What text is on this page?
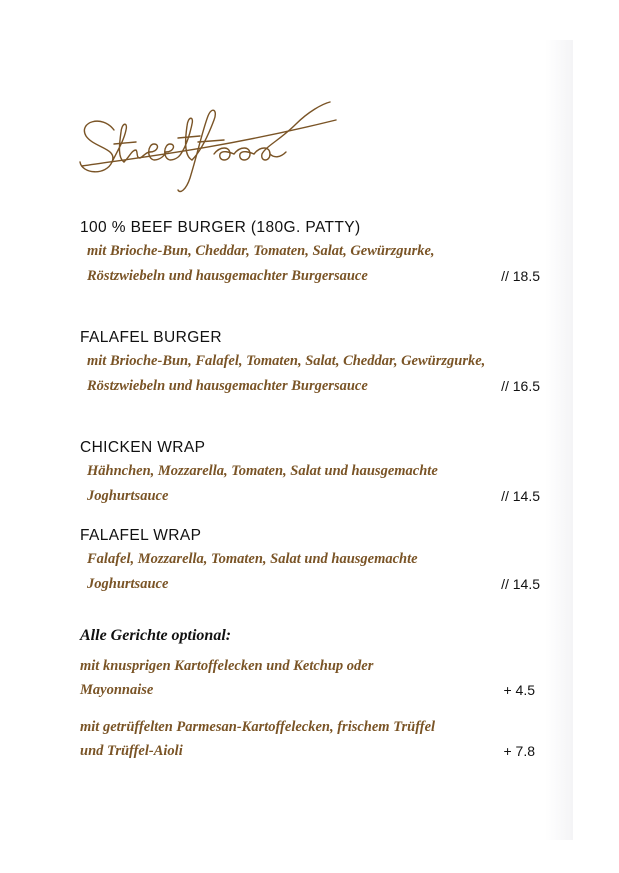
100 % BEEF BURGER (180G. PATTY)
mit Brioche-Bun, Cheddar, Tomaten, Salat, Gewürzgurke, Röstzwiebeln und hausgemachter Burgersauce	// 18.5
FALAFEL BURGER
mit Brioche-Bun, Falafel, Tomaten, Salat, Cheddar, Gewürzgurke, Röstzwiebeln und hausgemachter Burgersauce	// 16.5
CHICKEN WRAP
Hähnchen, Mozzarella, Tomaten, Salat und hausgemachte Joghurtsauce	// 14.5
FALAFEL WRAP
Falafel, Mozzarella, Tomaten, Salat und hausgemachte Joghurtsauce	// 14.5
Alle Gerichte optional:
mit knusprigen Kartoffelecken und Ketchup oder Mayonnaise	+ 4.5
mit getrüffelten Parmesan-Kartoffelecken, frischem Trüffel und Trüffel-Aioli	+ 7.8
